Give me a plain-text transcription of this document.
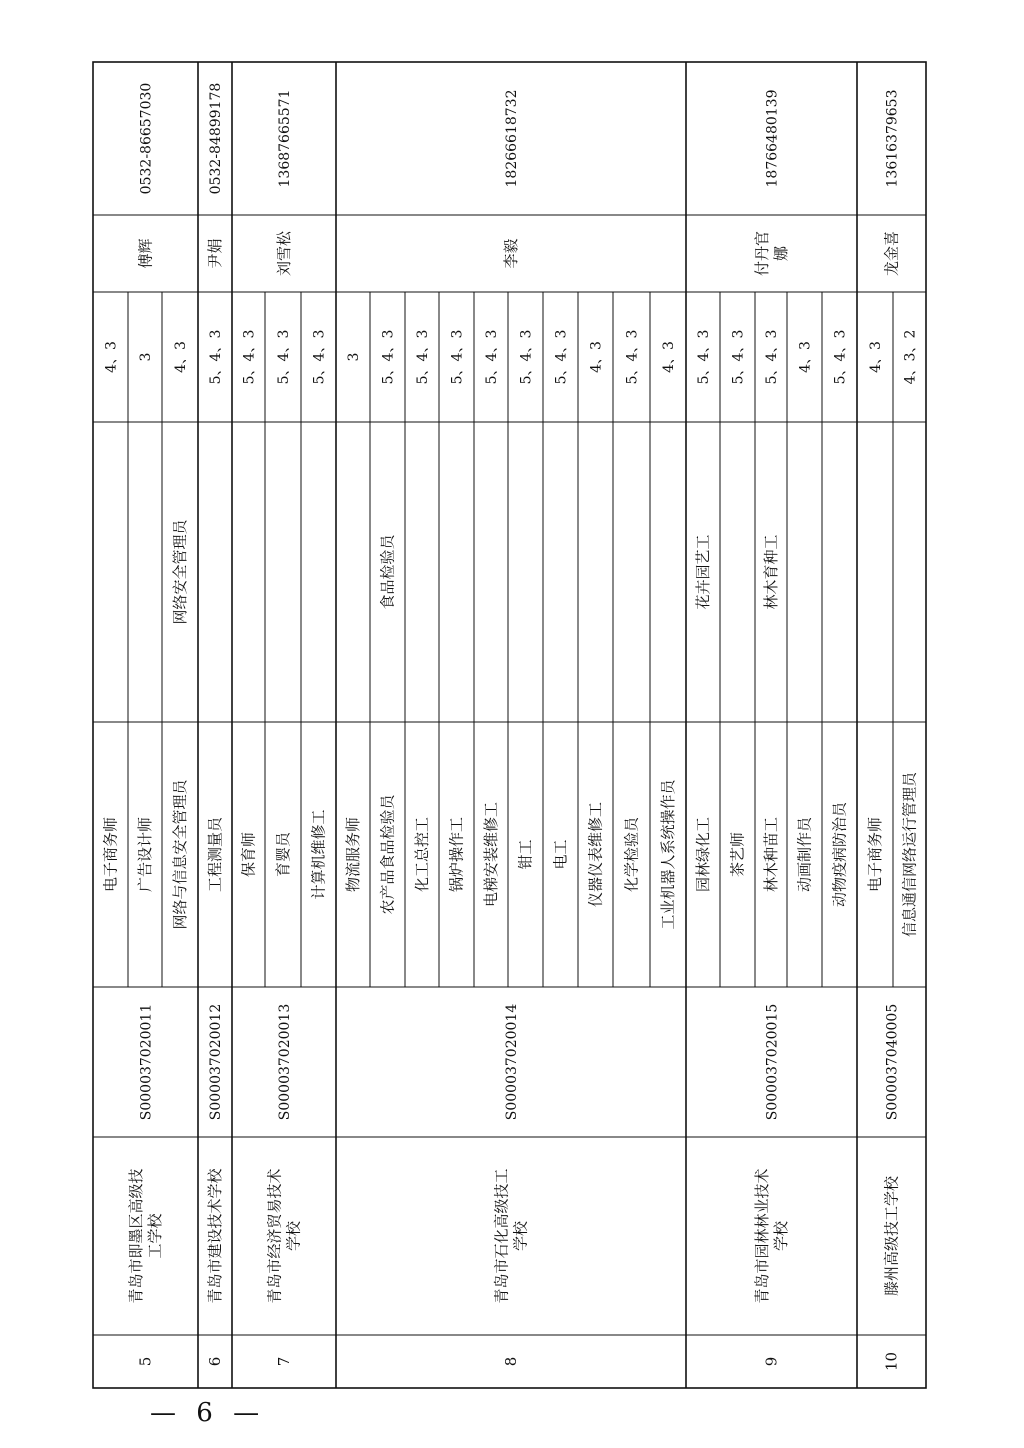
5
青岛市即墨区高级技工学校
S000037020011
傅辉
0532-86657030
电子商务师
4、3
广告设计师
3
网络与信息安全管理员
网络安全管理员
4、3
6
青岛市建设技术学校
S000037020012
尹娟
0532-84899178
工程测量员
5、4、3
7
青岛市经济贸易技术学校
S000037020013
刘雪松
13687665571
保育师
5、4、3
育婴员
5、4、3
计算机维修工
5、4、3
8
青岛市石化高级技工学校
S000037020014
李毅
18266618732
物流服务师
3
农产品食品检验员
食品检验员
5、4、3
化工总控工
5、4、3
锅炉操作工
5、4、3
电梯安装维修工
5、4、3
钳工
5、4、3
电工
5、4、3
仪器仪表维修工
4、3
化学检验员
5、4、3
工业机器人系统操作员
4、3
9
青岛市园林林业技术学校
S000037020015
付丹官娜
18766480139
园林绿化工
花卉园艺工
5、4、3
茶艺师
5、4、3
林木种苗工
林木育种工
5、4、3
动画制作员
4、3
动物疫病防治员
5、4、3
10
滕州高级技工学校
S000037040005
龙金喜
13616379653
电子商务师
4、3
信息通信网络运行管理员
4、3、2
— 6 —
